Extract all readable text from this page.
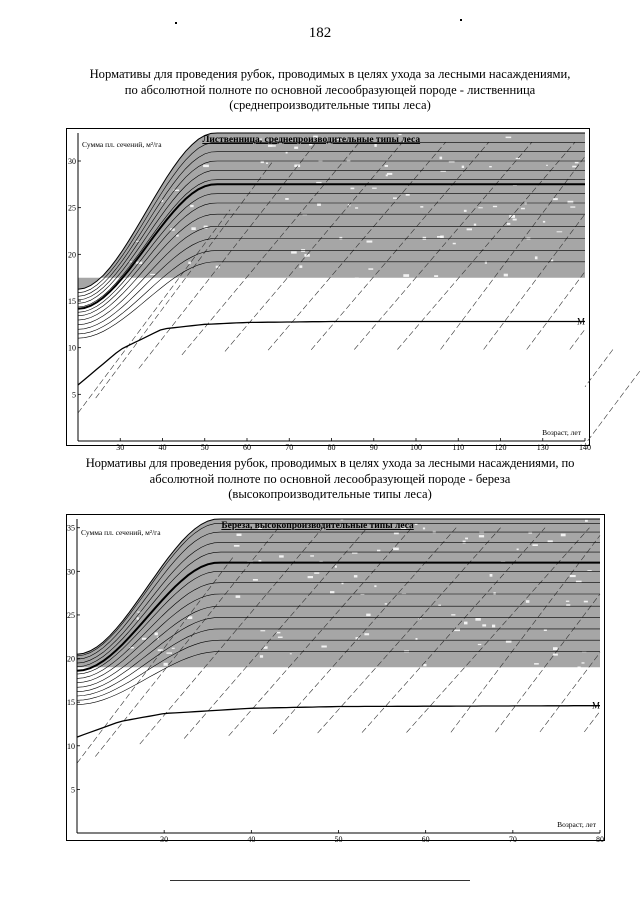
182
Нормативы для проведения рубок, проводимых в целях ухода за лесными насаждениями,
по абсолютной полноте по основной лесообразующей породе - лиственница
(среднепроизводительные типы леса)
М
5
10
15
20
25
30
30	40	50	60	70	80	90	100	110	120	130	140
Лиственница, среднепроизводительные типы леса
Сумма пл. сечений, м²/га
Возраст, лет
Нормативы для проведения рубок, проводимых в целях ухода за лесными насаждениями, по
абсолютной полноте по основной лесообразующей породе - береза
(высокопроизводительные типы леса)
М
5
10
15
20
25
30
35
30	40	50	60	70	80
Береза, высокопроизводительные типы леса
Сумма пл. сечений, м²/га
Возраст, лет
